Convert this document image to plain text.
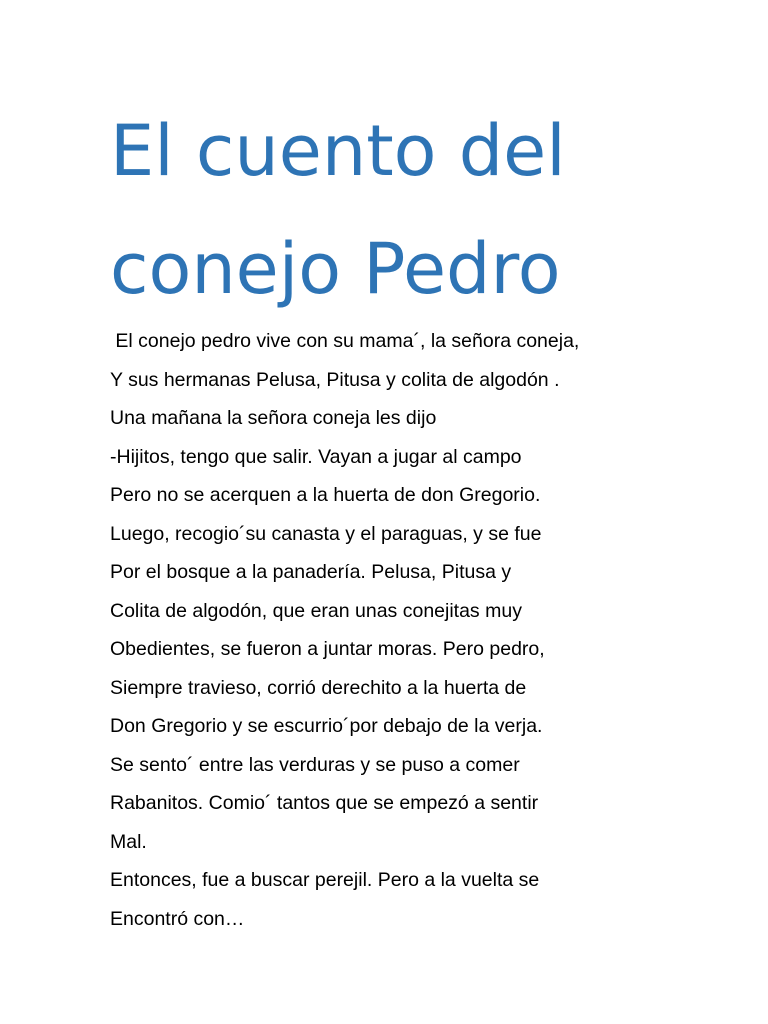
El cuento del
conejo Pedro
El conejo pedro vive con su mama´, la señora coneja,
Y sus hermanas Pelusa, Pitusa y colita de algodón .
Una mañana la señora coneja les dijo
-Hijitos, tengo que salir. Vayan a jugar al campo
Pero no se acerquen a la huerta de don Gregorio.
Luego, recogio´su canasta y el paraguas, y se fue
Por el bosque a la panadería. Pelusa, Pitusa y
Colita de algodón, que eran unas conejitas muy
Obedientes, se fueron a juntar moras. Pero pedro,
Siempre travieso, corrió derechito a la huerta de
Don Gregorio y se escurrio´por debajo de la verja.
Se sento´ entre las verduras y se puso a comer
Rabanitos. Comio´ tantos que se empezó a sentir
Mal.
Entonces, fue a buscar perejil. Pero a la vuelta se
Encontró con…
